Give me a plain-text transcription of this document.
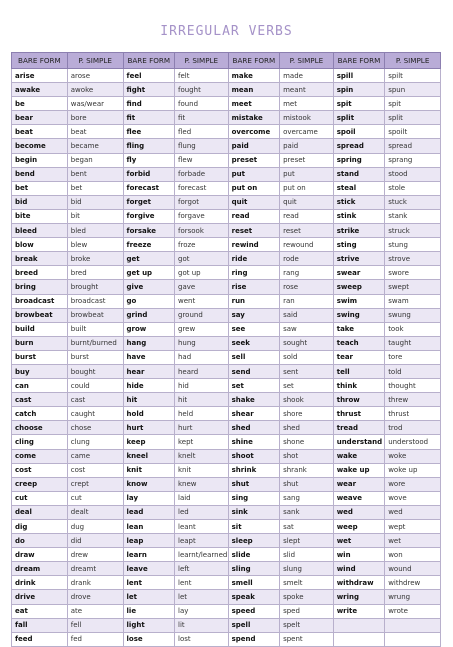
IRREGULAR VERBS
BARE FORM	P. SIMPLE	BARE FORM	P. SIMPLE	BARE FORM	P. SIMPLE	BARE FORM	P. SIMPLE
arise	arose	feel	felt	make	made	spill	spilt
awake	awoke	fight	fought	mean	meant	spin	spun
be	was/wear	find	found	meet	met	spit	spit
bear	bore	fit	fit	mistake	mistook	split	split
beat	beat	flee	fled	overcome	overcame	spoil	spoilt
become	became	fling	flung	paid	paid	spread	spread
begin	began	fly	flew	preset	preset	spring	sprang
bend	bent	forbid	forbade	put	put	stand	stood
bet	bet	forecast	forecast	put on	put on	steal	stole
bid	bid	forget	forgot	quit	quit	stick	stuck
bite	bit	forgive	forgave	read	read	stink	stank
bleed	bled	forsake	forsook	reset	reset	strike	struck
blow	blew	freeze	froze	rewind	rewound	sting	stung
break	broke	get	got	ride	rode	strive	strove
breed	bred	get up	got up	ring	rang	swear	swore
bring	brought	give	gave	rise	rose	sweep	swept
broadcast	broadcast	go	went	run	ran	swim	swam
browbeat	browbeat	grind	ground	say	said	swing	swung
build	built	grow	grew	see	saw	take	took
burn	burnt/burned	hang	hung	seek	sought	teach	taught
burst	burst	have	had	sell	sold	tear	tore
buy	bought	hear	heard	send	sent	tell	told
can	could	hide	hid	set	set	think	thought
cast	cast	hit	hit	shake	shook	throw	threw
catch	caught	hold	held	shear	shore	thrust	thrust
choose	chose	hurt	hurt	shed	shed	tread	trod
cling	clung	keep	kept	shine	shone	understand	understood
come	came	kneel	knelt	shoot	shot	wake	woke
cost	cost	knit	knit	shrink	shrank	wake up	woke up
creep	crept	know	knew	shut	shut	wear	wore
cut	cut	lay	laid	sing	sang	weave	wove
deal	dealt	lead	led	sink	sank	wed	wed
dig	dug	lean	leant	sit	sat	weep	wept
do	did	leap	leapt	sleep	slept	wet	wet
draw	drew	learn	learnt/learned	slide	slid	win	won
dream	dreamt	leave	left	sling	slung	wind	wound
drink	drank	lent	lent	smell	smelt	withdraw	withdrew
drive	drove	let	let	speak	spoke	wring	wrung
eat	ate	lie	lay	speed	sped	write	wrote
fall	fell	light	lit	spell	spelt		
feed	fed	lose	lost	spend	spent		
